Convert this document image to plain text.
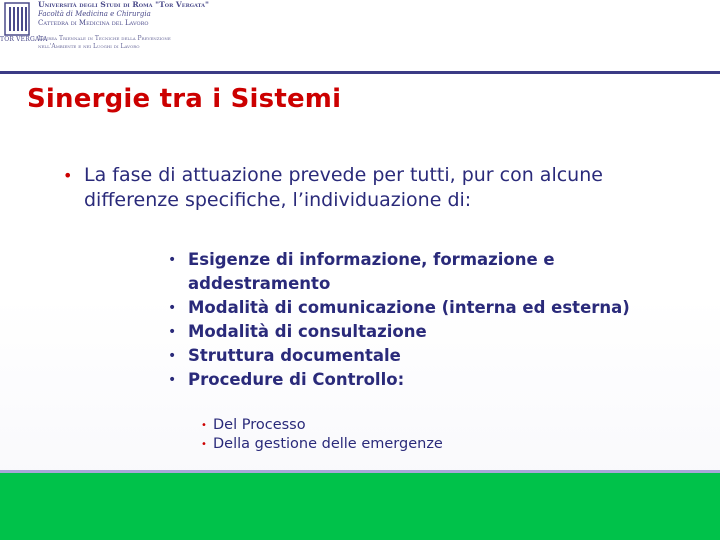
TOR VERGATA
Università degli Studi di Roma "Tor Vergata"
Facoltà di Medicina e Chirurgia
Cattedra di Medicina del Lavoro
Laurea Triennale in Tecniche della Prevenzione
nell'Ambiente e nei Luoghi di Lavoro
Sinergie tra i Sistemi
• La fase di attuazione prevede per tutti, pur con alcune differenze specifiche, l’individuazione di:
• Esigenze di informazione, formazione e addestramento
• Modalità di comunicazione (interna ed esterna)
• Modalità di consultazione
• Struttura documentale
• Procedure di Controllo:
• Del Processo
• Della gestione delle emergenze
